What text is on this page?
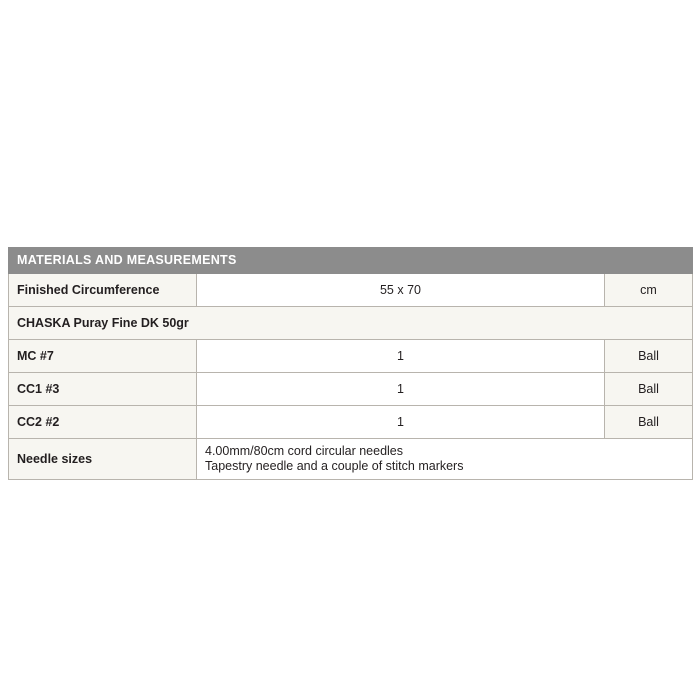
MATERIALS AND MEASUREMENTS		
Finished Circumference	55 x 70	cm
CHASKA Puray Fine DK 50gr		
MC #7	1	Ball
CC1 #3	1	Ball
CC2 #2	1	Ball
Needle sizes	4.00mm/80cm cord circular needles
Tapestry needle and a couple of stitch markers	
